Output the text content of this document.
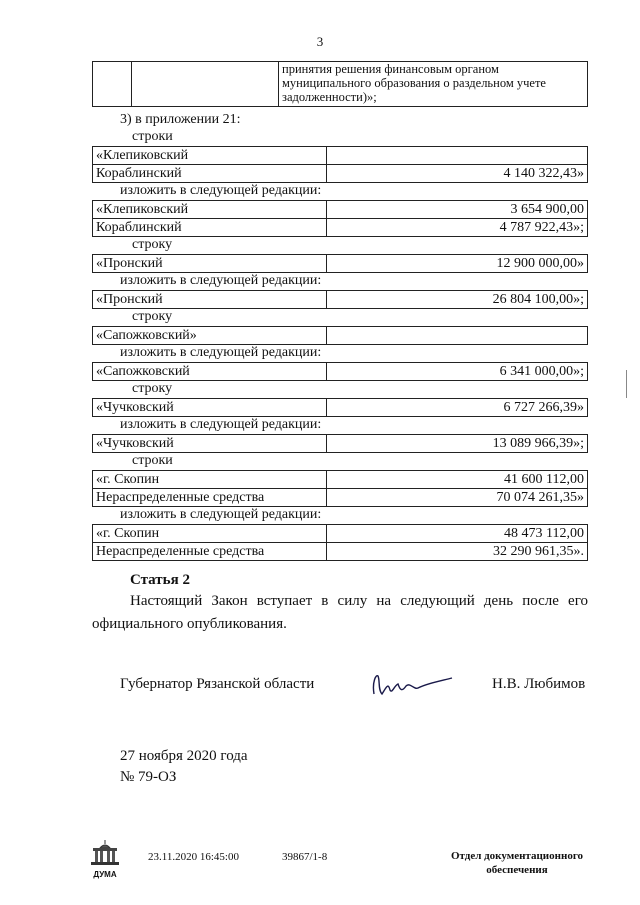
3

принятия решения финансовым органом
муниципального образования о раздельном учете
задолженности)»;
3) в приложении 21:
строки
«Клепиковский	
Кораблинский	4 140 322,43»
изложить в следующей редакции:
«Клепиковский	3 654 900,00
Кораблинский	4 787 922,43»;
строку
«Пронский	12 900 000,00»
изложить в следующей редакции:
«Пронский	26 804 100,00»;
строку
«Сапожковский»	
изложить в следующей редакции:
«Сапожковский	6 341 000,00»;
строку
«Чучковский	6 727 266,39»
изложить в следующей редакции:
«Чучковский	13 089 966,39»;
строки
«г. Скопин	41 600 112,00
Нераспределенные средства	70 074 261,35»
изложить в следующей редакции:
«г. Скопин	48 473 112,00
Нераспределенные средства	32 290 961,35».
Статья 2
Настоящий Закон вступает в силу на следующий день после его
официального опубликования.
Губернатор Рязанской области	Н.В. Любимов
27 ноября 2020 года
№ 79-ОЗ
ДУМА
23.11.2020 16:45:00	39867/1-8	Отдел документационного
обеспечения
